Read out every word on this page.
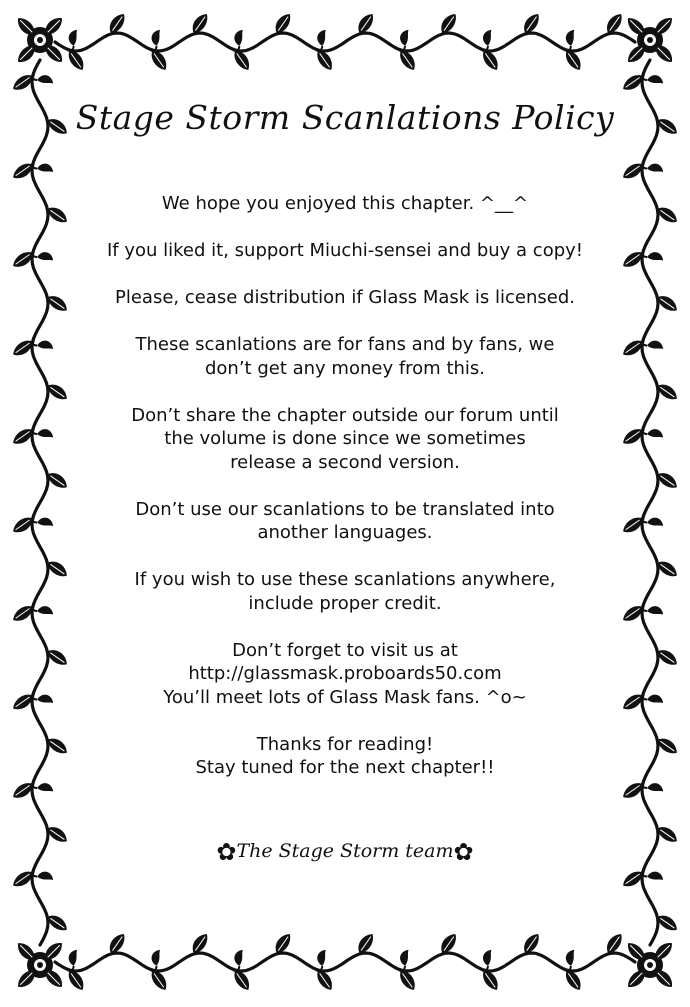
Stage Storm Scanlations Policy

We hope you enjoyed this chapter. ^__^

If you liked it, support Miuchi-sensei and buy a copy!

Please, cease distribution if Glass Mask is licensed.

These scanlations are for fans and by fans, we
don’t get any money from this.

Don’t share the chapter outside our forum until
the volume is done since we sometimes
release a second version.

Don’t use our scanlations to be translated into
another languages.

If you wish to use these scanlations anywhere,
include proper credit.

Don’t forget to visit us at
http://glassmask.proboards50.com
You’ll meet lots of Glass Mask fans. ^o~

Thanks for reading!
Stay tuned for the next chapter!!

✿The Stage Storm team✿
